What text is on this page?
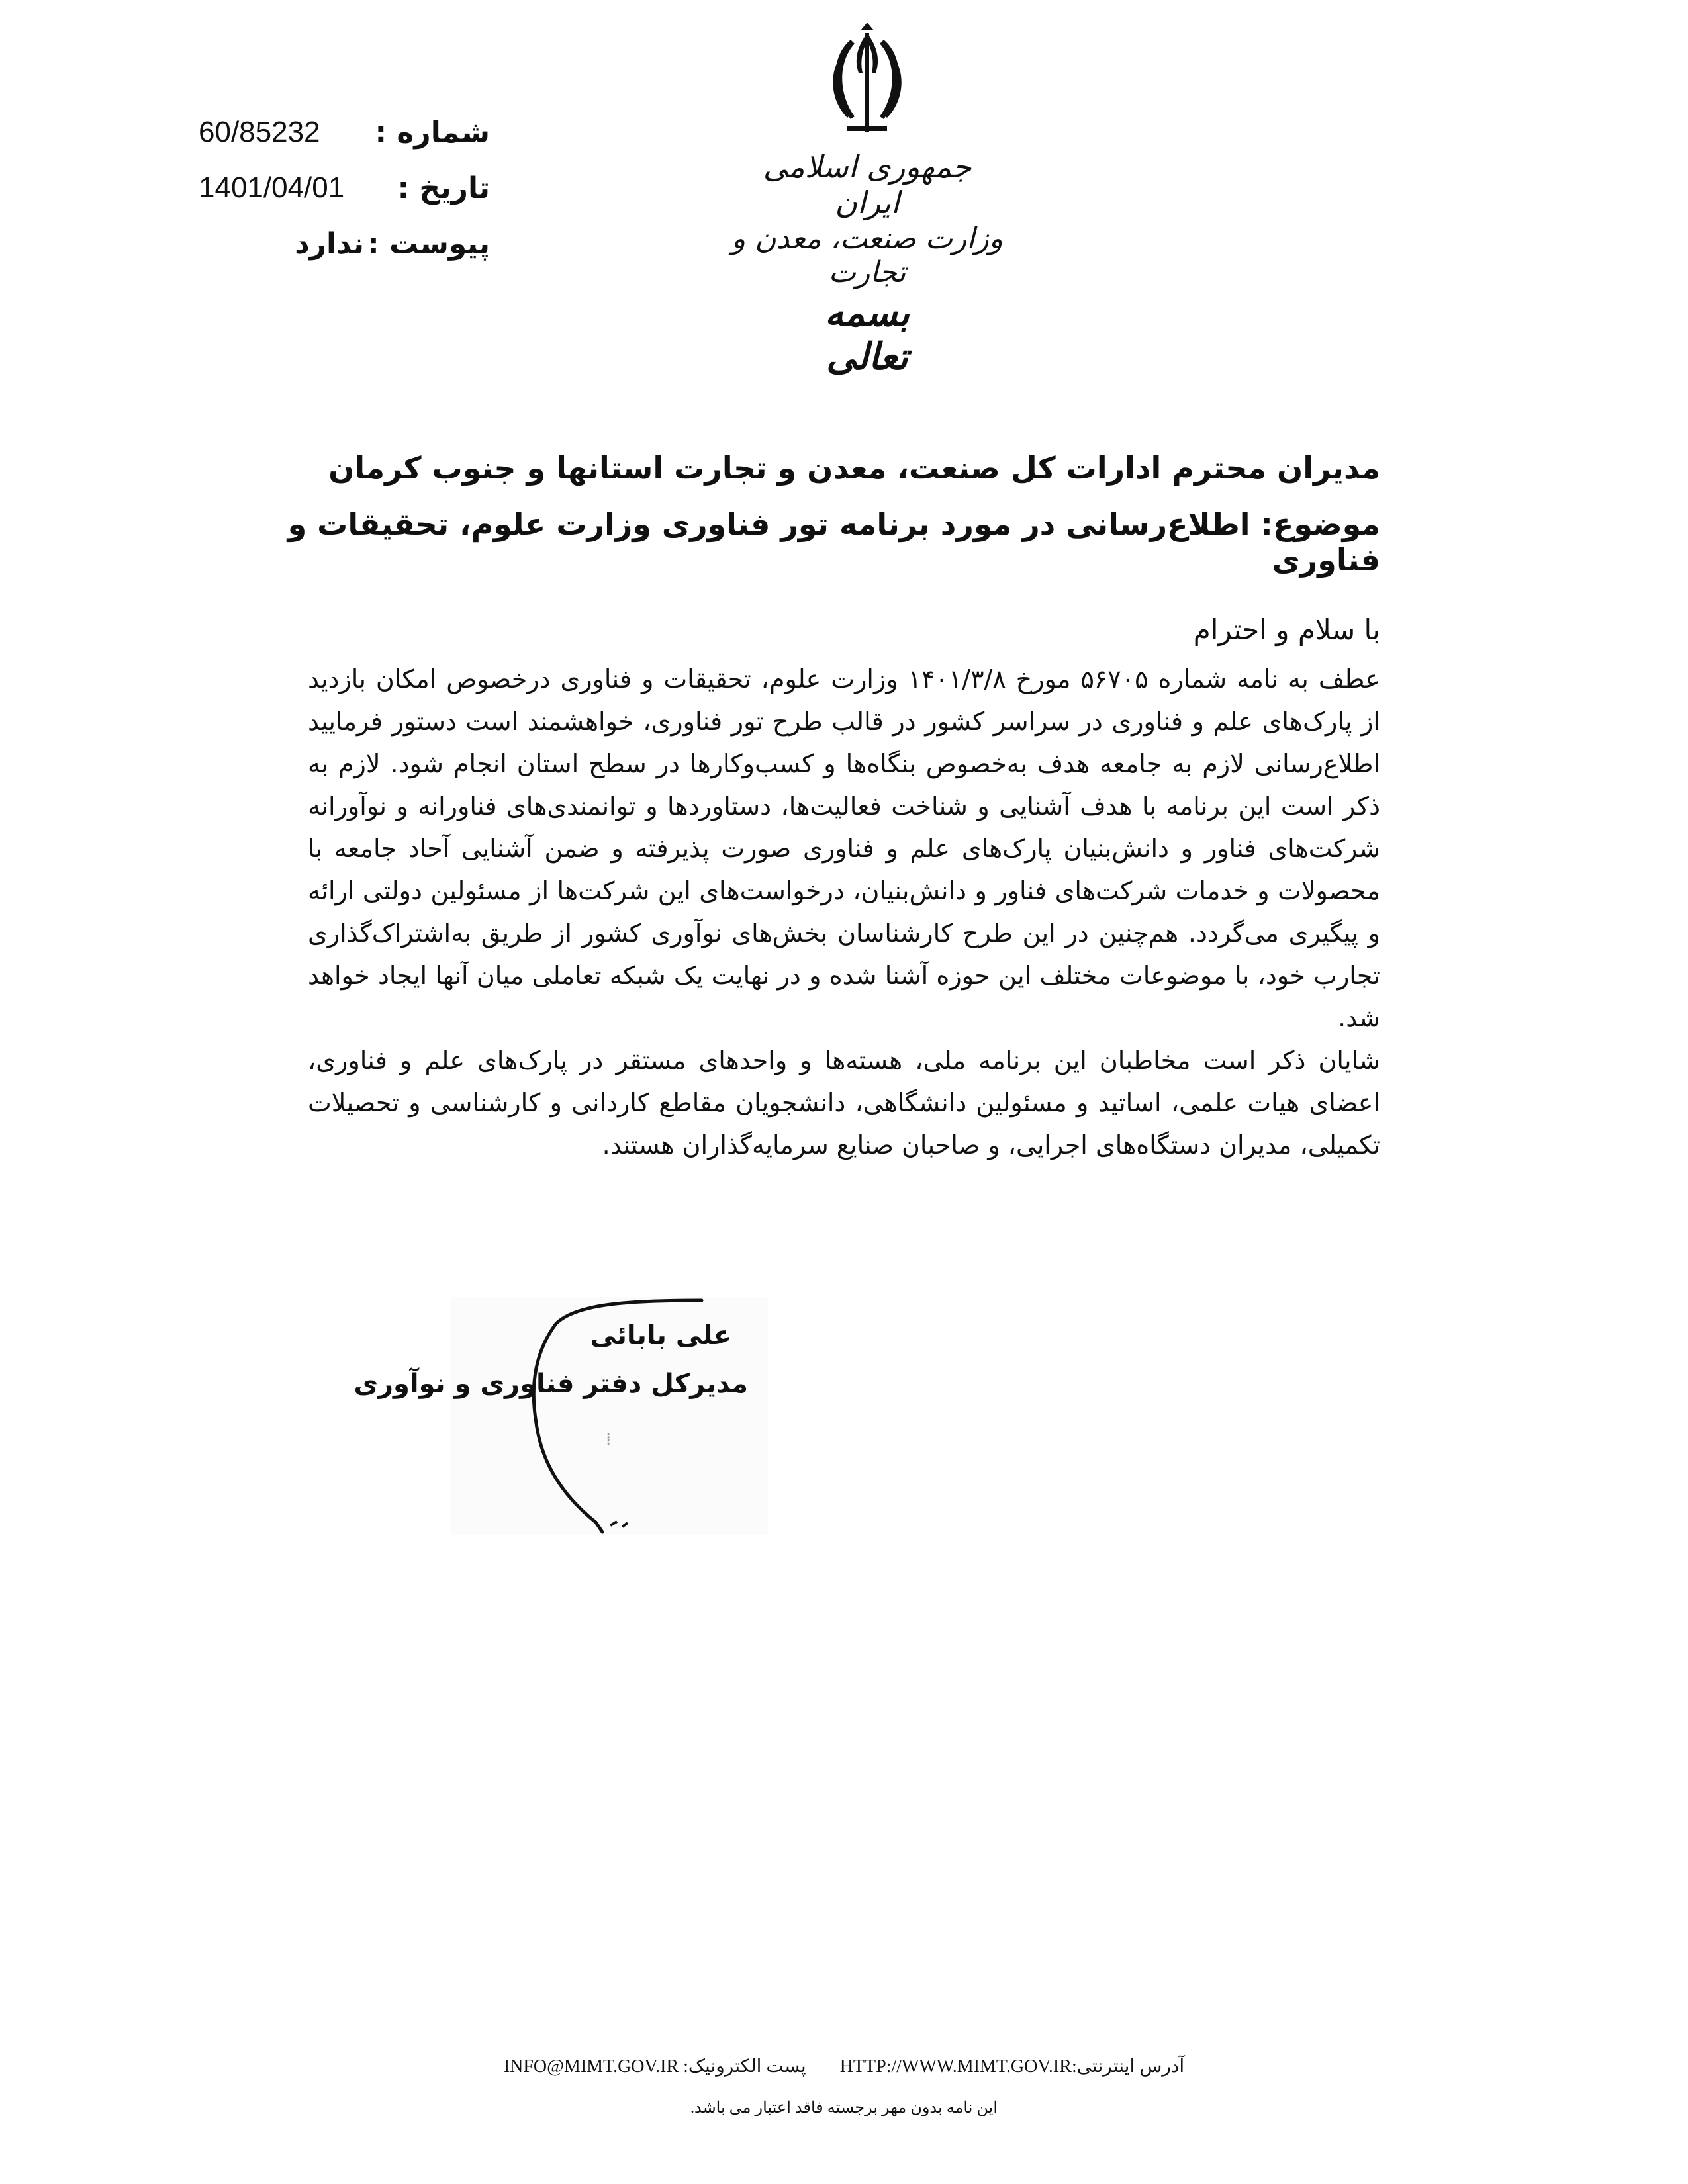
شماره :
60/85232
تاریخ :
1401/04/01
پیوست :
ندارد
جمهوری اسلامی ایران
وزارت صنعت، معدن و تجارت
بسمه تعالی
مدیران محترم ادارات کل صنعت، معدن و تجارت استانها و جنوب کرمان
موضوع: اطلاع‌رسانی در مورد برنامه تور فناوری وزارت علوم، تحقیقات و فناوری

با سلام و احترام

عطف به نامه شماره ۵۶۷۰۵ مورخ ۱۴۰۱/۳/۸ وزارت علوم، تحقیقات و فناوری درخصوص امکان بازدید از پارک‌های علم و فناوری در سراسر کشور در قالب طرح تور فناوری، خواهشمند است دستور فرمایید اطلاع‌رسانی لازم به جامعه هدف به‌خصوص بنگاه‌ها و کسب‌وکارها در سطح استان انجام شود. لازم به ذکر است این برنامه با هدف آشنایی و شناخت فعالیت‌ها، دستاوردها و توانمندی‌های فناورانه و نوآورانه شرکت‌های فناور و دانش‌بنیان پارک‌های علم و فناوری صورت پذیرفته و ضمن آشنایی آحاد جامعه با محصولات و خدمات شرکت‌های فناور و دانش‌بنیان، درخواست‌های این شرکت‌ها از مسئولین دولتی ارائه و پیگیری می‌گردد. هم‌چنین در این طرح کارشناسان بخش‌های نوآوری کشور از طریق به‌اشتراک‌گذاری تجارب خود، با موضوعات مختلف این حوزه آشنا شده و در نهایت یک شبکه تعاملی میان آنها ایجاد خواهد شد.

شایان ذکر است مخاطبان این برنامه ملی، هسته‌ها و واحدهای مستقر در پارک‌های علم و فناوری، اعضای هیات علمی، اساتید و مسئولین دانشگاهی، دانشجویان مقاطع کاردانی و کارشناسی و تحصیلات تکمیلی، مدیران دستگاه‌های اجرایی، و صاحبان صنایع سرمایه‌گذاران هستند.

علی بابائی
مدیرکل دفتر فناوری و نوآوری
⁞
آدرس اینترنتی:HTTP://WWW.MIMT.GOV.IR پست الکترونیک: INFO@MIMT.GOV.IR
این نامه بدون مهر برجسته فاقد اعتبار می باشد.
